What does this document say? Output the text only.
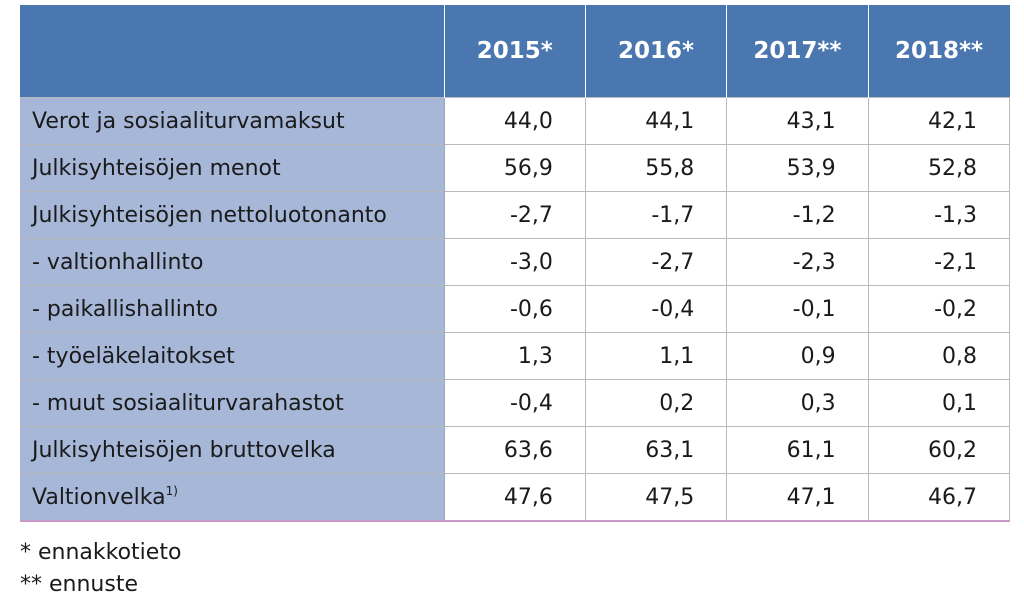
	2015*	2016*	2017**	2018**
Verot ja sosiaaliturvamaksut	44,0	44,1	43,1	42,1
Julkisyhteisöjen menot	56,9	55,8	53,9	52,8
Julkisyhteisöjen nettoluotonanto	-2,7	-1,7	-1,2	-1,3
- valtionhallinto	-3,0	-2,7	-2,3	-2,1
- paikallishallinto	-0,6	-0,4	-0,1	-0,2
- työeläkelaitokset	1,3	1,1	0,9	0,8
- muut sosiaaliturvarahastot	-0,4	0,2	0,3	0,1
Julkisyhteisöjen bruttovelka	63,6	63,1	61,1	60,2
Valtionvelka$^{1)}$	47,6	47,5	47,1	46,7
* ennakkotieto
** ennuste
